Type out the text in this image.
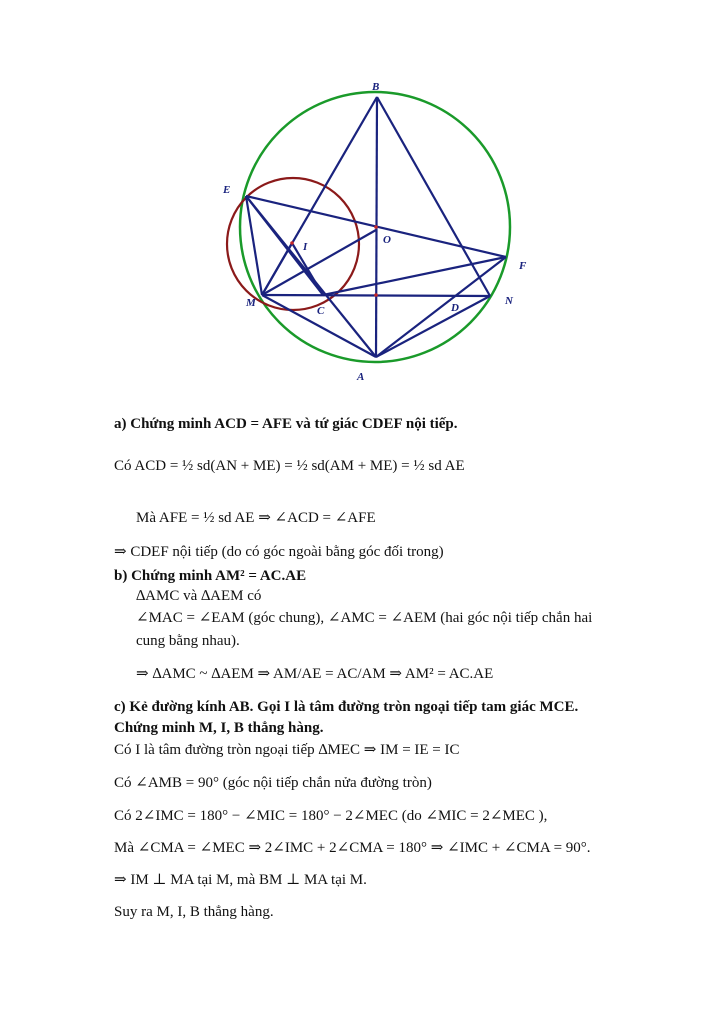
B
E
I
O
F
M
C	D
N
A
a) Chứng minh ACD = AFE và tứ giác CDEF nội tiếp.
Có ACD = ½ sd(AN + ME) = ½ sd(AM + ME) = ½ sd AE
Mà AFE = ½ sd AE ⇒ ∠ACD = ∠AFE
⇒ CDEF nội tiếp (do có góc ngoài bằng góc đối trong)
b) Chứng minh AM² = AC.AE
∆AMC và ∆AEM có
∠MAC = ∠EAM (góc chung), ∠AMC = ∠AEM (hai góc nội tiếp chắn hai
cung bằng nhau).
⇒ ∆AMC ~ ∆AEM ⇒ AM/AE = AC/AM ⇒ AM² = AC.AE
c) Kẻ đường kính AB. Gọi I là tâm đường tròn ngoại tiếp tam giác MCE.
Chứng minh M, I, B thẳng hàng.
Có I là tâm đường tròn ngoại tiếp ∆MEC ⇒ IM = IE = IC
Có ∠AMB = 90° (góc nội tiếp chắn nửa đường tròn)
Có 2∠IMC = 180° − ∠MIC = 180° − 2∠MEC (do ∠MIC = 2∠MEC ),
Mà ∠CMA = ∠MEC ⇒ 2∠IMC + 2∠CMA = 180° ⇒ ∠IMC + ∠CMA = 90°.
⇒ IM ⊥ MA tại M, mà BM ⊥ MA tại M.
Suy ra M, I, B thẳng hàng.
